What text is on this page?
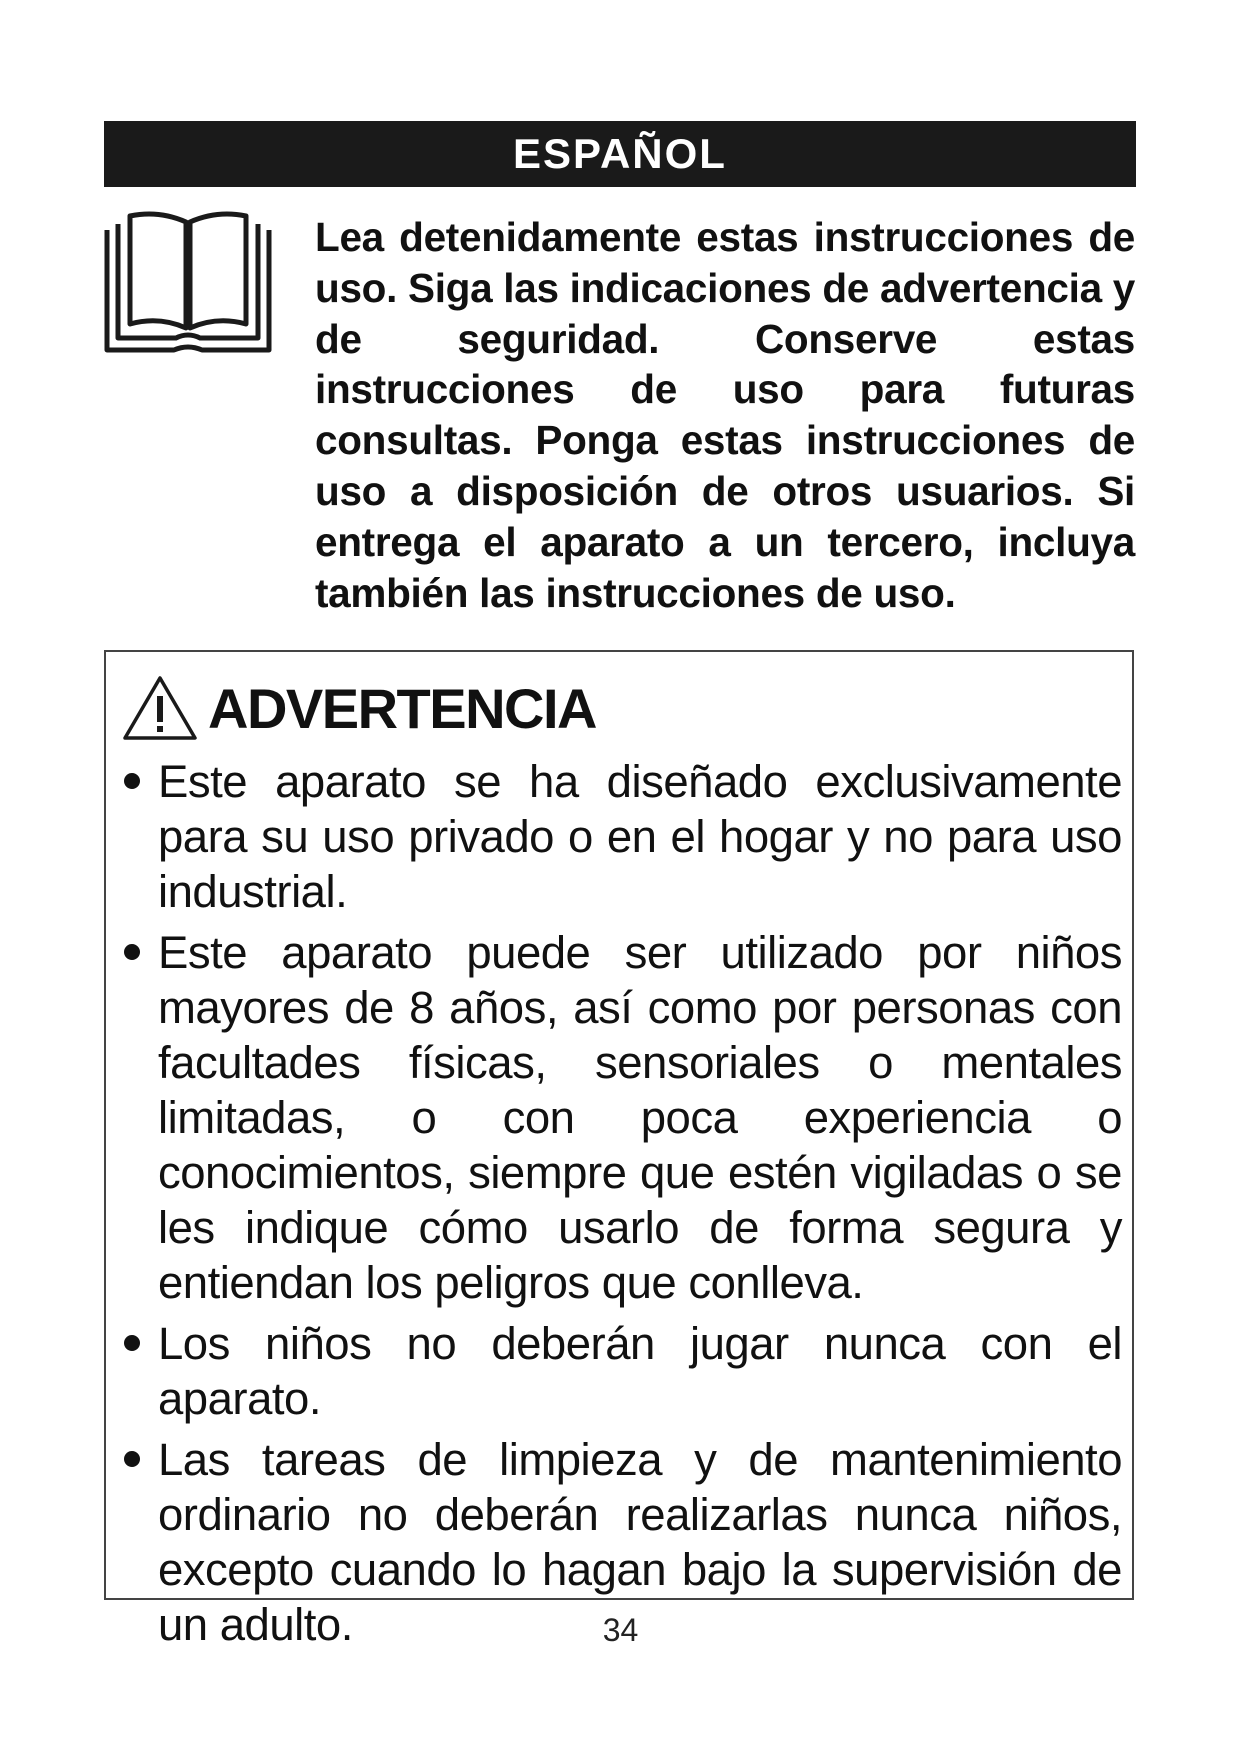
ESPAÑOL

Lea detenidamente estas instrucciones de uso. Siga las indicaciones de advertencia y de seguridad. Conserve estas instrucciones de uso para futuras consultas. Ponga estas instrucciones de uso a disposición de otros usuarios. Si entrega el aparato a un tercero, incluya también las instrucciones de uso.

ADVERTENCIA
Este aparato se ha diseñado exclusivamente para su uso privado o en el hogar y no para uso industrial.
Este aparato puede ser utilizado por niños mayores de 8 años, así como por personas con facultades físicas, sensoriales o mentales limitadas, o con poca experiencia o conocimientos, siempre que estén vigiladas o se les indique cómo usarlo de forma segura y entiendan los peligros que conlleva.
Los niños no deberán jugar nunca con el aparato.
Las tareas de limpieza y de mantenimiento ordinario no deberán realizarlas nunca niños, excepto cuando lo hagan bajo la supervisión de un adulto.	34
